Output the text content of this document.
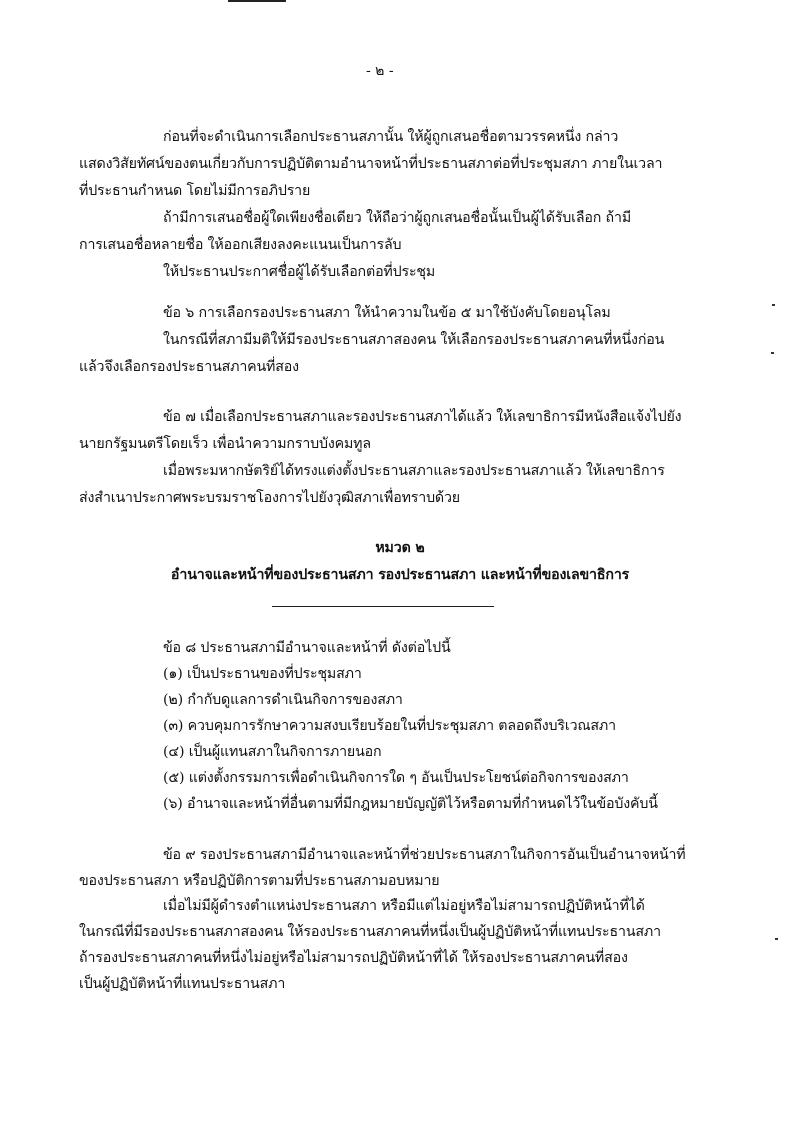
- ๒ -
ก่อนที่จะดำเนินการเลือกประธานสภานั้น ให้ผู้ถูกเสนอชื่อตามวรรคหนึ่ง กล่าว
แสดงวิสัยทัศน์ของตนเกี่ยวกับการปฏิบัติตามอำนาจหน้าที่ประธานสภาต่อที่ประชุมสภา ภายในเวลา
ที่ประธานกำหนด โดยไม่มีการอภิปราย
ถ้ามีการเสนอชื่อผู้ใดเพียงชื่อเดียว ให้ถือว่าผู้ถูกเสนอชื่อนั้นเป็นผู้ได้รับเลือก ถ้ามี
การเสนอชื่อหลายชื่อ ให้ออกเสียงลงคะแนนเป็นการลับ
ให้ประธานประกาศชื่อผู้ได้รับเลือกต่อที่ประชุม
ข้อ ๖ การเลือกรองประธานสภา ให้นำความในข้อ ๕ มาใช้บังคับโดยอนุโลม
ในกรณีที่สภามีมติให้มีรองประธานสภาสองคน ให้เลือกรองประธานสภาคนที่หนึ่งก่อน
แล้วจึงเลือกรองประธานสภาคนที่สอง
ข้อ ๗ เมื่อเลือกประธานสภาและรองประธานสภาได้แล้ว ให้เลขาธิการมีหนังสือแจ้งไปยัง
นายกรัฐมนตรีโดยเร็ว เพื่อนำความกราบบังคมทูล
เมื่อพระมหากษัตริย์ได้ทรงแต่งตั้งประธานสภาและรองประธานสภาแล้ว ให้เลขาธิการ
ส่งสำเนาประกาศพระบรมราชโองการไปยังวุฒิสภาเพื่อทราบด้วย
หมวด ๒
อำนาจและหน้าที่ของประธานสภา รองประธานสภา และหน้าที่ของเลขาธิการ
ข้อ ๘ ประธานสภามีอำนาจและหน้าที่ ดังต่อไปนี้
(๑) เป็นประธานของที่ประชุมสภา
(๒) กำกับดูแลการดำเนินกิจการของสภา
(๓) ควบคุมการรักษาความสงบเรียบร้อยในที่ประชุมสภา ตลอดถึงบริเวณสภา
(๔) เป็นผู้แทนสภาในกิจการภายนอก
(๕) แต่งตั้งกรรมการเพื่อดำเนินกิจการใด ๆ อันเป็นประโยชน์ต่อกิจการของสภา
(๖) อำนาจและหน้าที่อื่นตามที่มีกฎหมายบัญญัติไว้หรือตามที่กำหนดไว้ในข้อบังคับนี้
ข้อ ๙ รองประธานสภามีอำนาจและหน้าที่ช่วยประธานสภาในกิจการอันเป็นอำนาจหน้าที่
ของประธานสภา หรือปฏิบัติการตามที่ประธานสภามอบหมาย
เมื่อไม่มีผู้ดำรงตำแหน่งประธานสภา หรือมีแต่ไม่อยู่หรือไม่สามารถปฏิบัติหน้าที่ได้
ในกรณีที่มีรองประธานสภาสองคน ให้รองประธานสภาคนที่หนึ่งเป็นผู้ปฏิบัติหน้าที่แทนประธานสภา
ถ้ารองประธานสภาคนที่หนึ่งไม่อยู่หรือไม่สามารถปฏิบัติหน้าที่ได้ ให้รองประธานสภาคนที่สอง
เป็นผู้ปฏิบัติหน้าที่แทนประธานสภา
